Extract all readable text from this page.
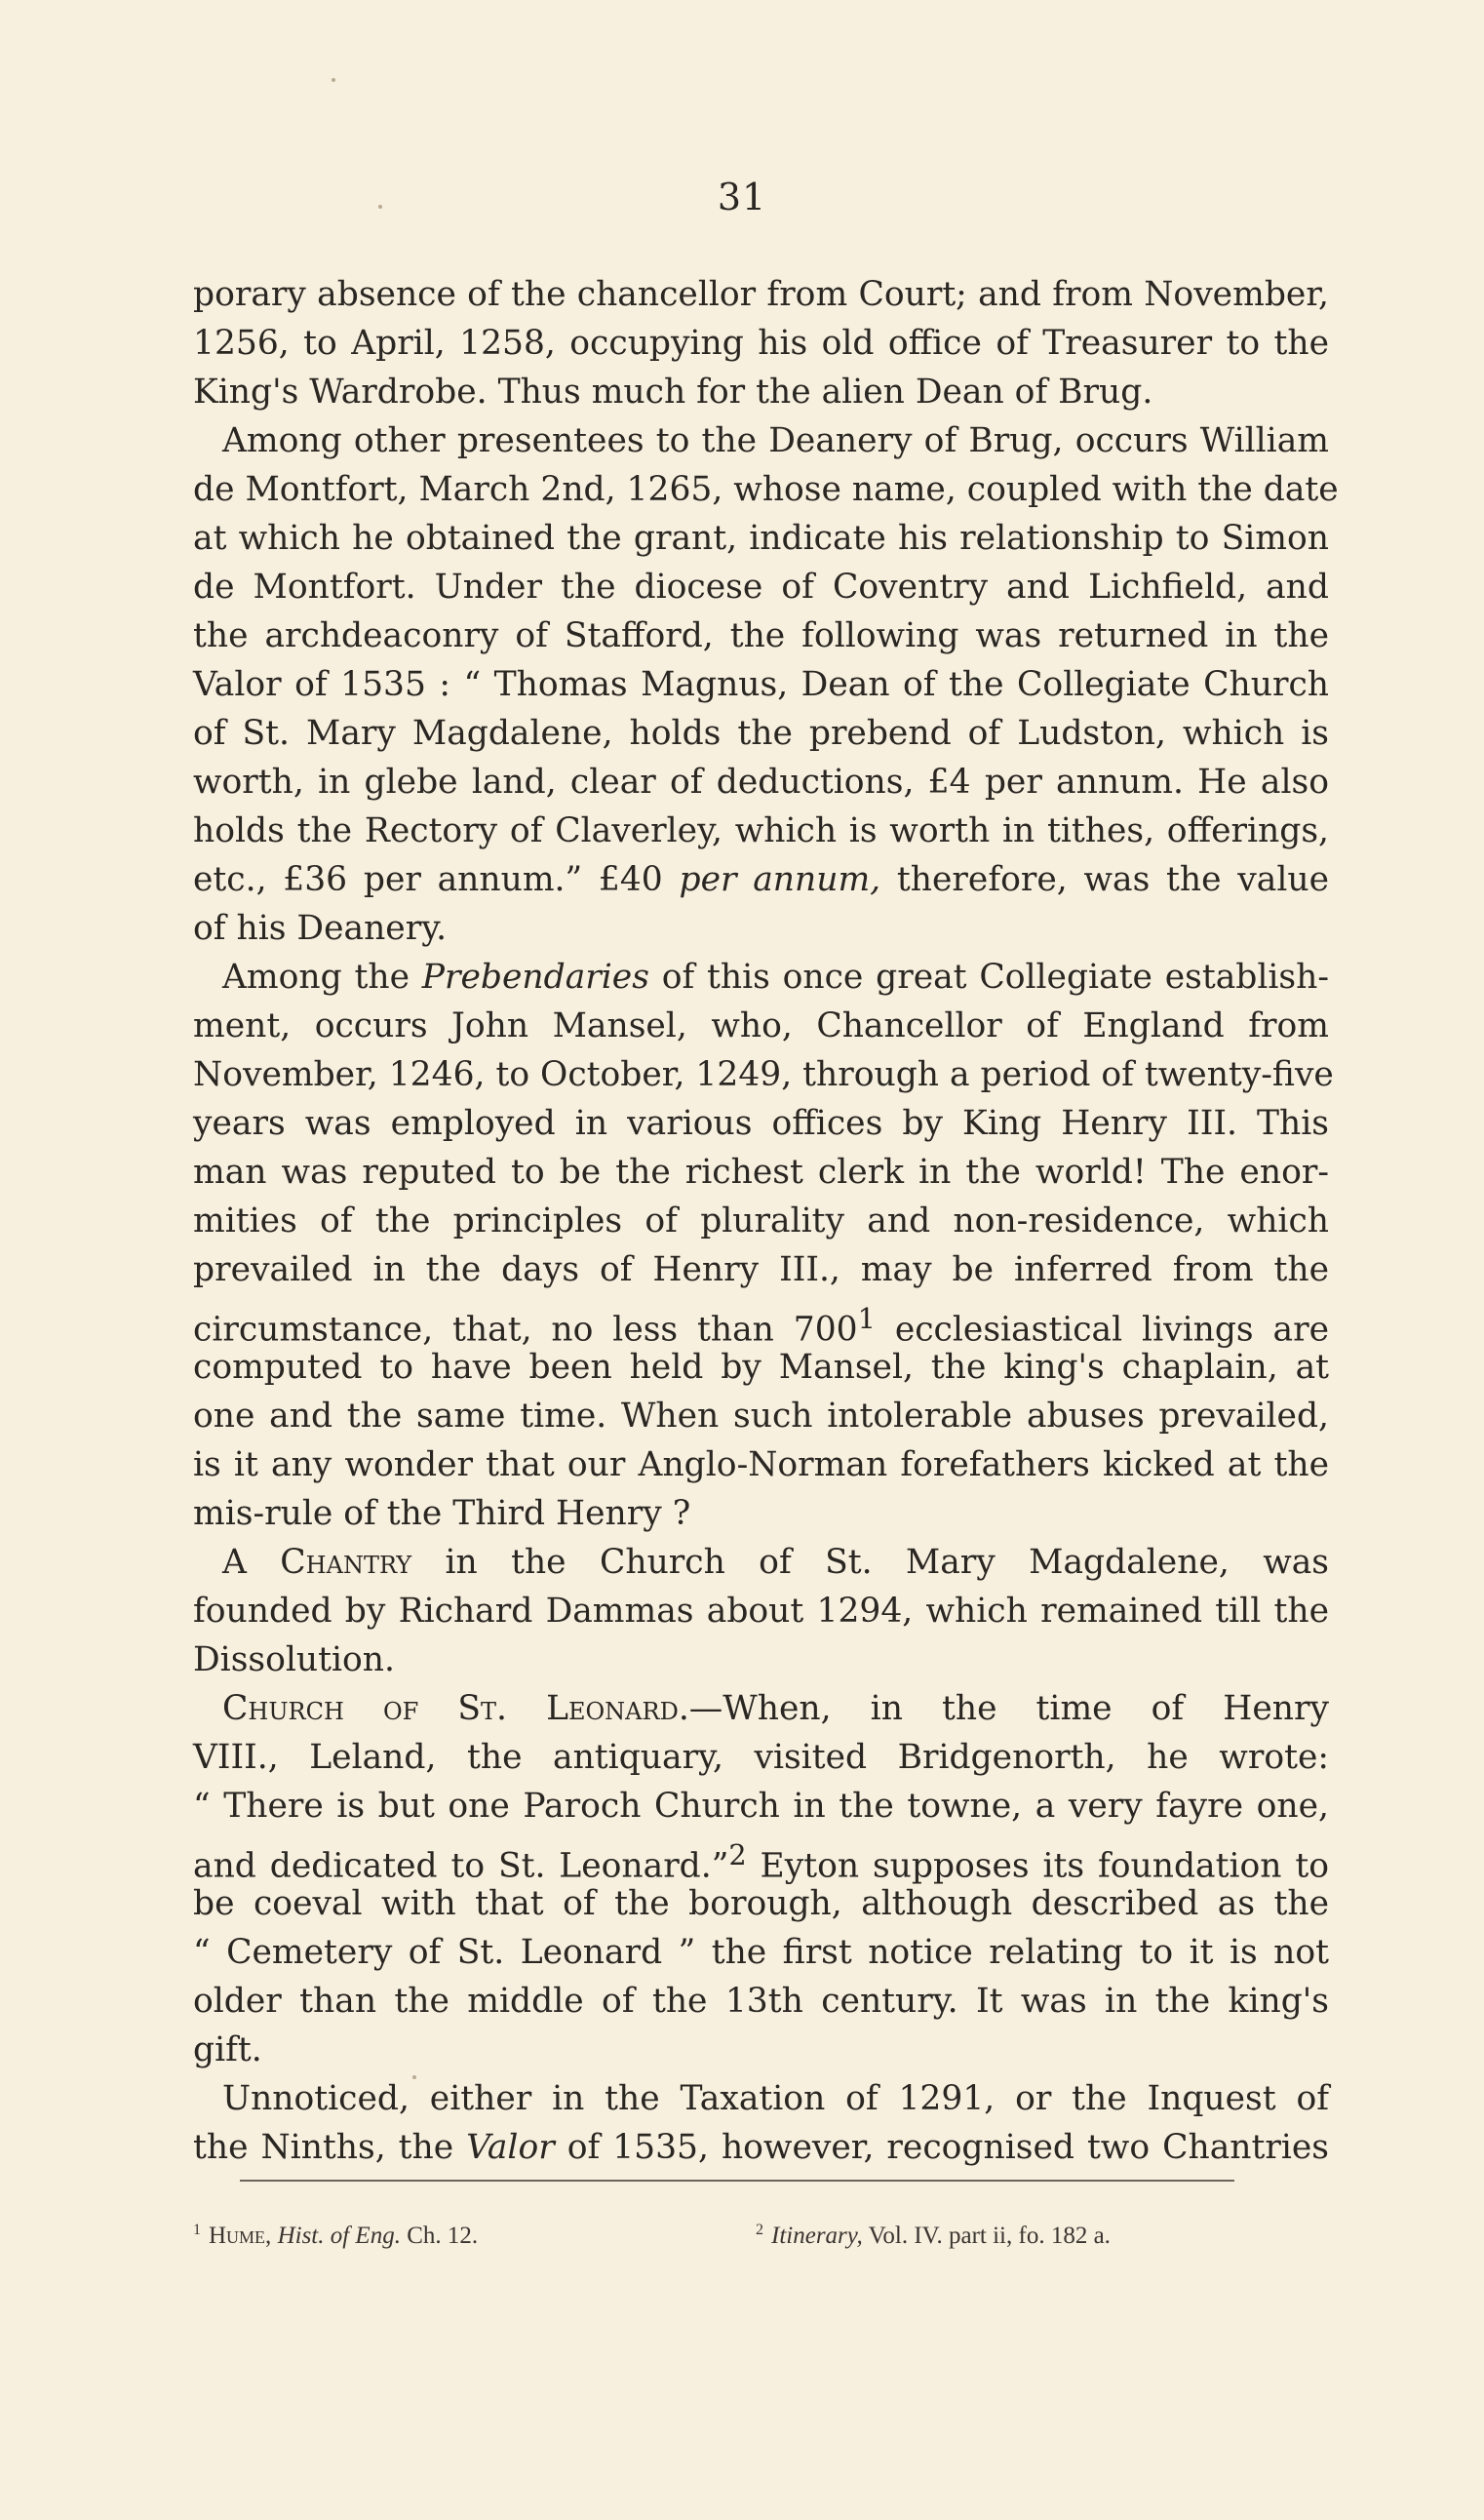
31
porary absence of the chancellor from Court; and from November,
1256, to April, 1258, occupying his old office of Treasurer to the
King's Wardrobe. Thus much for the alien Dean of Brug.
Among other presentees to the Deanery of Brug, occurs William
de Montfort, March 2nd, 1265, whose name, coupled with the date
at which he obtained the grant, indicate his relationship to Simon
de Montfort. Under the diocese of Coventry and Lichfield, and
the archdeaconry of Stafford, the following was returned in the
Valor of 1535 : “ Thomas Magnus, Dean of the Collegiate Church
of St. Mary Magdalene, holds the prebend of Ludston, which is
worth, in glebe land, clear of deductions, £4 per annum. He also
holds the Rectory of Claverley, which is worth in tithes, offerings,
etc., £36 per annum.” £40 per annum, therefore, was the value
of his Deanery.
Among the Prebendaries of this once great Collegiate establish-
ment, occurs John Mansel, who, Chancellor of England from
November, 1246, to October, 1249, through a period of twenty-five
years was employed in various offices by King Henry III. This
man was reputed to be the richest clerk in the world! The enor-
mities of the principles of plurality and non-residence, which
prevailed in the days of Henry III., may be inferred from the
circumstance, that, no less than $700^1$ ecclesiastical livings are
computed to have been held by Mansel, the king's chaplain, at
one and the same time. When such intolerable abuses prevailed,
is it any wonder that our Anglo-Norman forefathers kicked at the
mis-rule of the Third Henry ?
A Chantry in the Church of St. Mary Magdalene, was
founded by Richard Dammas about 1294, which remained till the
Dissolution.
Church of St. Leonard.—When, in the time of Henry
VIII., Leland, the antiquary, visited Bridgenorth, he wrote:
“ There is but one Paroch Church in the towne, a very fayre one,
and dedicated to St. Leonard.”$^2$ Eyton supposes its foundation to
be coeval with that of the borough, although described as the
“ Cemetery of St. Leonard ” the first notice relating to it is not
older than the middle of the 13th century. It was in the king's
gift.
Unnoticed, either in the Taxation of 1291, or the Inquest of
the Ninths, the Valor of 1535, however, recognised two Chantries
$^1$ Hume, Hist. of Eng. Ch. 12.	$^2$ Itinerary, Vol. IV. part ii, fo. 182 a.
